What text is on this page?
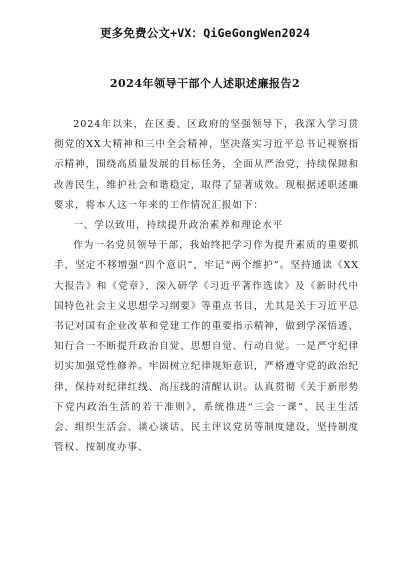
更多免费公文+VX：QiGeGongWen2024
2024年领导干部个人述职述廉报告2

2024年以来，在区委、区政府的坚强领导下，我深入学习贯彻党的XX大精神和三中全会精神，坚决落实习近平总书记视察指示精神，围绕高质量发展的目标任务，全面从严治党，持续保障和改善民生，维护社会和谐稳定，取得了显著成效。现根据述职述廉要求，将本人这一年来的工作情况汇报如下：

一、学以致用，持续提升政治素养和理论水平

作为一名党员领导干部，我始终把学习作为提升素质的重要抓手，坚定不移增强“四个意识”，牢记“两个维护”。坚持通读《XX大报告》和《党章》，深入研学《习近平著作选读》及《新时代中国特色社会主义思想学习纲要》等重点书目，尤其是关于习近平总书记对国有企业改革和党建工作的重要指示精神，做到学深悟透、知行合一不断提升政治自觉、思想自觉、行动自觉。一是严守纪律切实加强党性修养。牢固树立纪律规矩意识，严格遵守党的政治纪律，保持对纪律红线、高压线的清醒认识。认真贯彻《关于新形势下党内政治生活的若干准则》，系统推进“三会一课”、民主生活会、组织生活会、谈心谈话、民主评议党员等制度建设，坚持制度管权、按制度办事、
